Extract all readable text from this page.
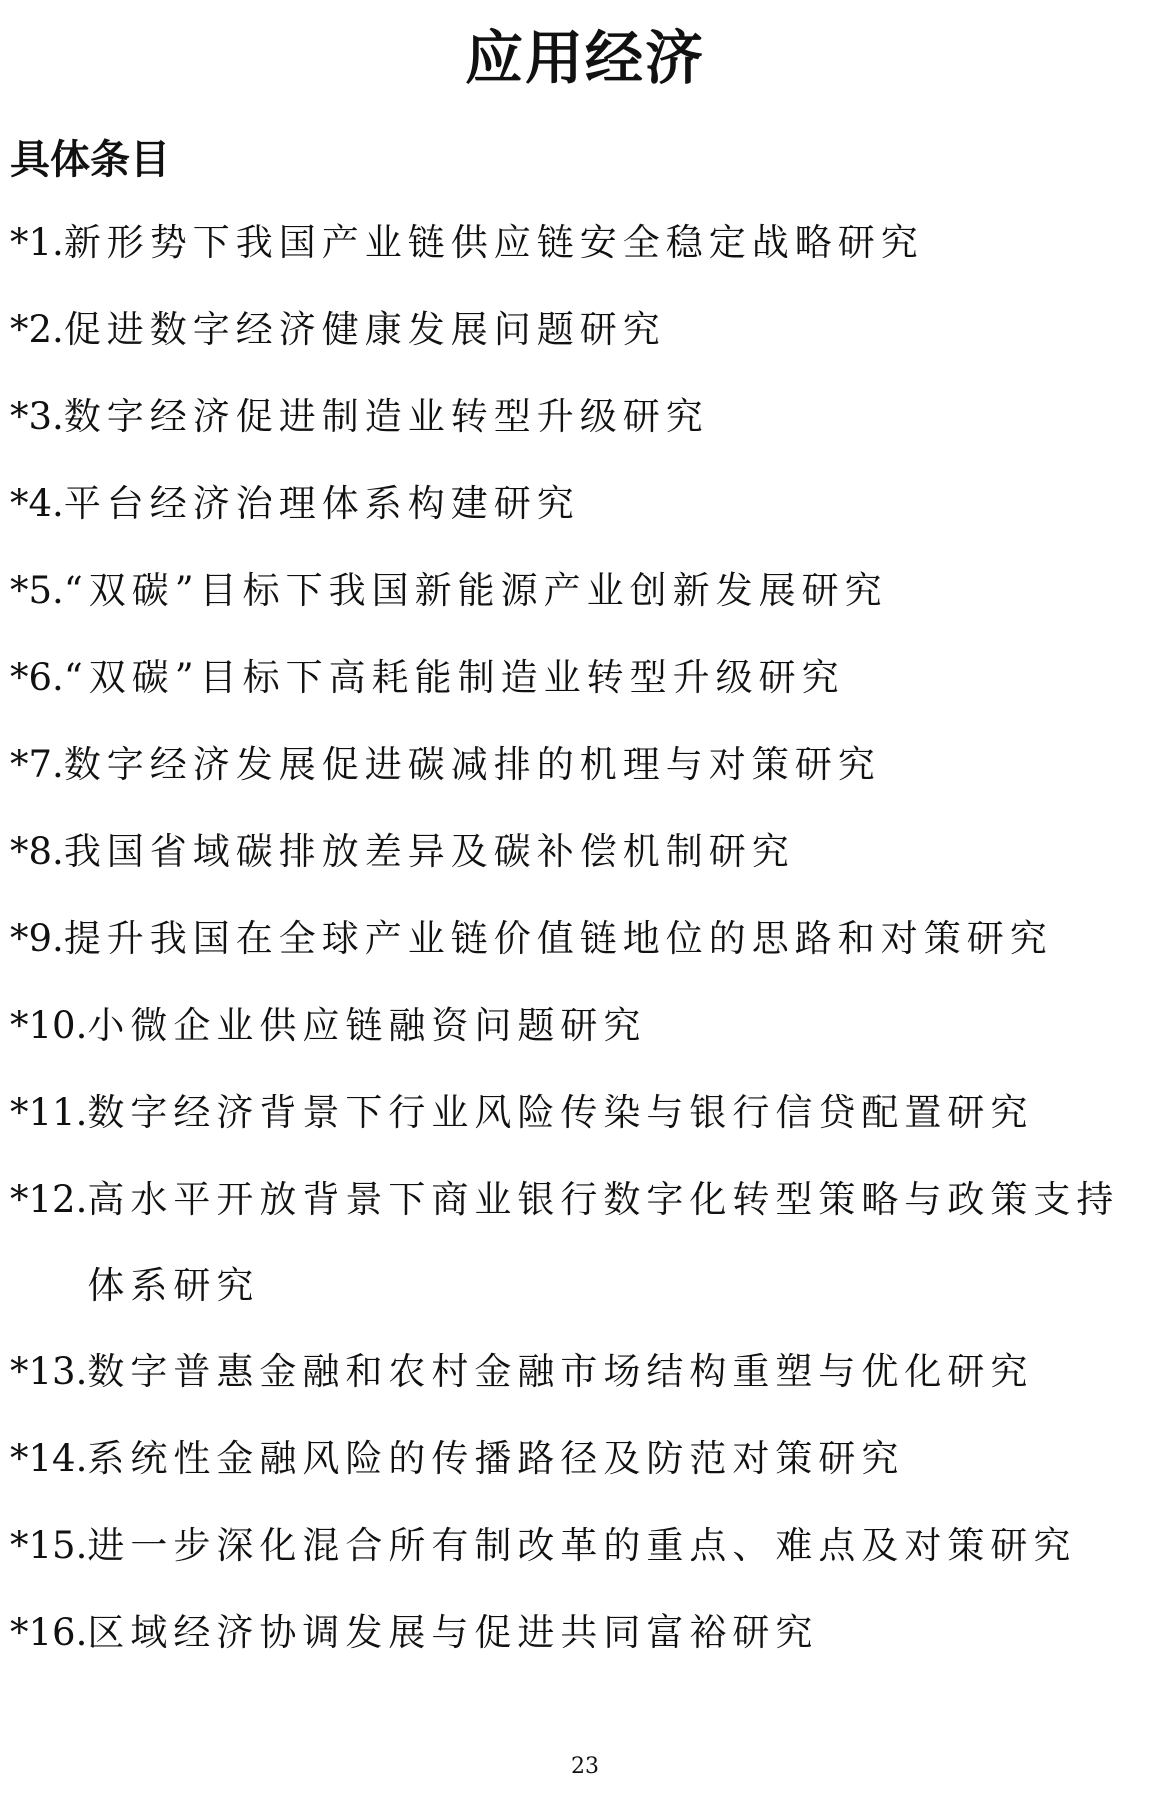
应用经济
具体条目
*1. 新形势下我国产业链供应链安全稳定战略研究
*2. 促进数字经济健康发展问题研究
*3. 数字经济促进制造业转型升级研究
*4. 平台经济治理体系构建研究
*5. “双碳”目标下我国新能源产业创新发展研究
*6. “双碳”目标下高耗能制造业转型升级研究
*7. 数字经济发展促进碳减排的机理与对策研究
*8. 我国省域碳排放差异及碳补偿机制研究
*9. 提升我国在全球产业链价值链地位的思路和对策研究
*10. 小微企业供应链融资问题研究
*11. 数字经济背景下行业风险传染与银行信贷配置研究
*12. 高水平开放背景下商业银行数字化转型策略与政策支持体系研究
*13. 数字普惠金融和农村金融市场结构重塑与优化研究
*14. 系统性金融风险的传播路径及防范对策研究
*15. 进一步深化混合所有制改革的重点、难点及对策研究
*16. 区域经济协调发展与促进共同富裕研究
23
